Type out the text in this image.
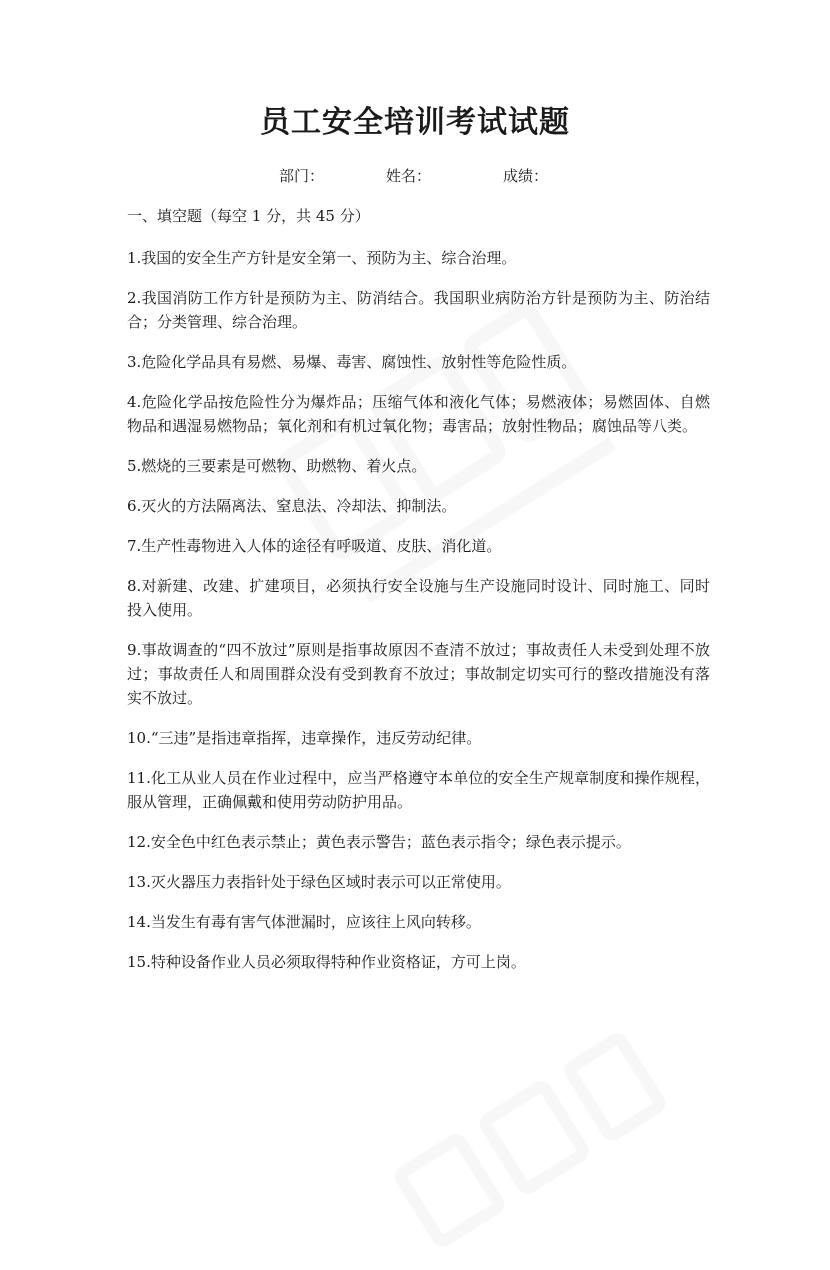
员工安全培训考试试题
部门：	姓名：	成绩：
一、填空题（每空 1 分，共 45 分）
1.我国的安全生产方针是安全第一、预防为主、综合治理。
2.我国消防工作方针是预防为主、防消结合。我国职业病防治方针是预防为主、防治结合；分类管理、综合治理。
3.危险化学品具有易燃、易爆、毒害、腐蚀性、放射性等危险性质。
4.危险化学品按危险性分为爆炸品；压缩气体和液化气体；易燃液体；易燃固体、自燃物品和遇湿易燃物品；氧化剂和有机过氧化物；毒害品；放射性物品；腐蚀品等八类。
5.燃烧的三要素是可燃物、助燃物、着火点。
6.灭火的方法隔离法、窒息法、冷却法、抑制法。
7.生产性毒物进入人体的途径有呼吸道、皮肤、消化道。
8.对新建、改建、扩建项目，必须执行安全设施与生产设施同时设计、同时施工、同时投入使用。
9.事故调查的“四不放过”原则是指事故原因不查清不放过；事故责任人未受到处理不放过；事故责任人和周围群众没有受到教育不放过；事故制定切实可行的整改措施没有落实不放过。
10.“三违”是指违章指挥，违章操作，违反劳动纪律。
11.化工从业人员在作业过程中，应当严格遵守本单位的安全生产规章制度和操作规程，服从管理，正确佩戴和使用劳动防护用品。
12.安全色中红色表示禁止；黄色表示警告；蓝色表示指令；绿色表示提示。
13.灭火器压力表指针处于绿色区域时表示可以正常使用。
14.当发生有毒有害气体泄漏时，应该往上风向转移。
15.特种设备作业人员必须取得特种作业资格证，方可上岗。
